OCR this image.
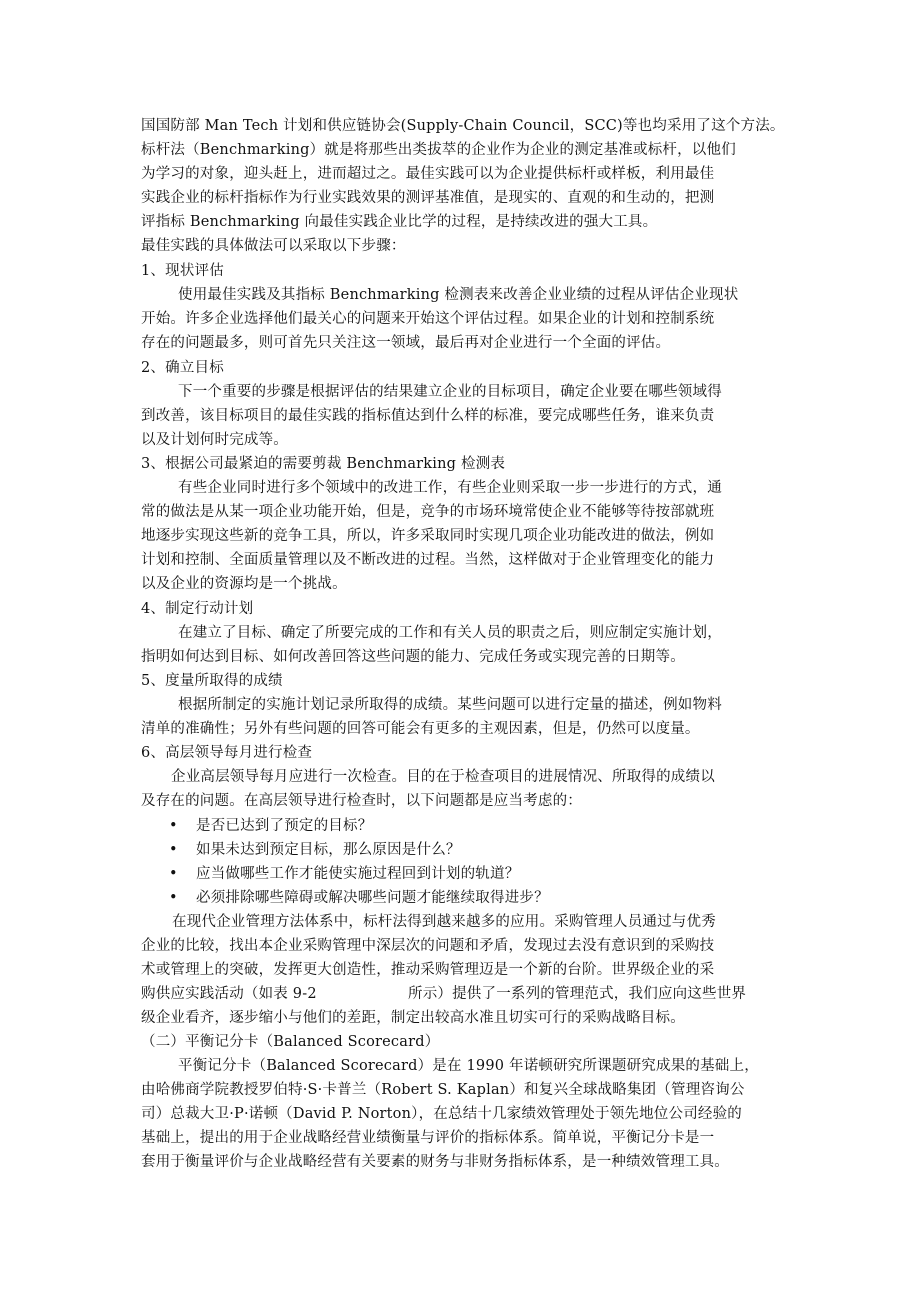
国国防部 Man Tech 计划和供应链协会(Supply-Chain Council，SCC)等也均采用了这个方法。
标杆法（Benchmarking）就是将那些出类拔萃的企业作为企业的测定基准或标杆，以他们
为学习的对象，迎头赶上，进而超过之。最佳实践可以为企业提供标杆或样板，利用最佳
实践企业的标杆指标作为行业实践效果的测评基准值，是现实的、直观的和生动的，把测
评指标 Benchmarking 向最佳实践企业比学的过程，是持续改进的强大工具。
最佳实践的具体做法可以采取以下步骤：
1、现状评估
使用最佳实践及其指标 Benchmarking 检测表来改善企业业绩的过程从评估企业现状
开始。许多企业选择他们最关心的问题来开始这个评估过程。如果企业的计划和控制系统
存在的问题最多，则可首先只关注这一领域，最后再对企业进行一个全面的评估。
2、确立目标
下一个重要的步骤是根据评估的结果建立企业的目标项目，确定企业要在哪些领域得
到改善，该目标项目的最佳实践的指标值达到什么样的标准，要完成哪些任务，谁来负责
以及计划何时完成等。
3、根据公司最紧迫的需要剪裁 Benchmarking 检测表
有些企业同时进行多个领域中的改进工作，有些企业则采取一步一步进行的方式，通
常的做法是从某一项企业功能开始，但是，竞争的市场环境常使企业不能够等待按部就班
地逐步实现这些新的竞争工具，所以，许多采取同时实现几项企业功能改进的做法，例如
计划和控制、全面质量管理以及不断改进的过程。当然，这样做对于企业管理变化的能力
以及企业的资源均是一个挑战。
4、制定行动计划
在建立了目标、确定了所要完成的工作和有关人员的职责之后，则应制定实施计划，
指明如何达到目标、如何改善回答这些问题的能力、完成任务或实现完善的日期等。
5、度量所取得的成绩
根据所制定的实施计划记录所取得的成绩。某些问题可以进行定量的描述，例如物料
清单的准确性；另外有些问题的回答可能会有更多的主观因素，但是，仍然可以度量。
6、高层领导每月进行检查
企业高层领导每月应进行一次检查。目的在于检查项目的进展情况、所取得的成绩以
及存在的问题。在高层领导进行检查时，以下问题都是应当考虑的：
• 是否已达到了预定的目标？
• 如果未达到预定目标，那么原因是什么？
• 应当做哪些工作才能使实施过程回到计划的轨道？
• 必须排除哪些障碍或解决哪些问题才能继续取得进步？
在现代企业管理方法体系中，标杆法得到越来越多的应用。采购管理人员通过与优秀
企业的比较，找出本企业采购管理中深层次的问题和矛盾，发现过去没有意识到的采购技
术或管理上的突破，发挥更大创造性，推动采购管理迈是一个新的台阶。世界级企业的采
购供应实践活动（如表 9-2	所示）提供了一系列的管理范式，我们应向这些世界
级企业看齐，逐步缩小与他们的差距，制定出较高水准且切实可行的采购战略目标。
（二）平衡记分卡（Balanced Scorecard）
平衡记分卡（Balanced Scorecard）是在 1990 年诺顿研究所课题研究成果的基础上，
由哈佛商学院教授罗伯特·S·卡普兰（Robert S. Kaplan）和复兴全球战略集团（管理咨询公
司）总裁大卫·P·诺顿（David P. Norton），在总结十几家绩效管理处于领先地位公司经验的
基础上，提出的用于企业战略经营业绩衡量与评价的指标体系。简单说，平衡记分卡是一
套用于衡量评价与企业战略经营有关要素的财务与非财务指标体系，是一种绩效管理工具。
